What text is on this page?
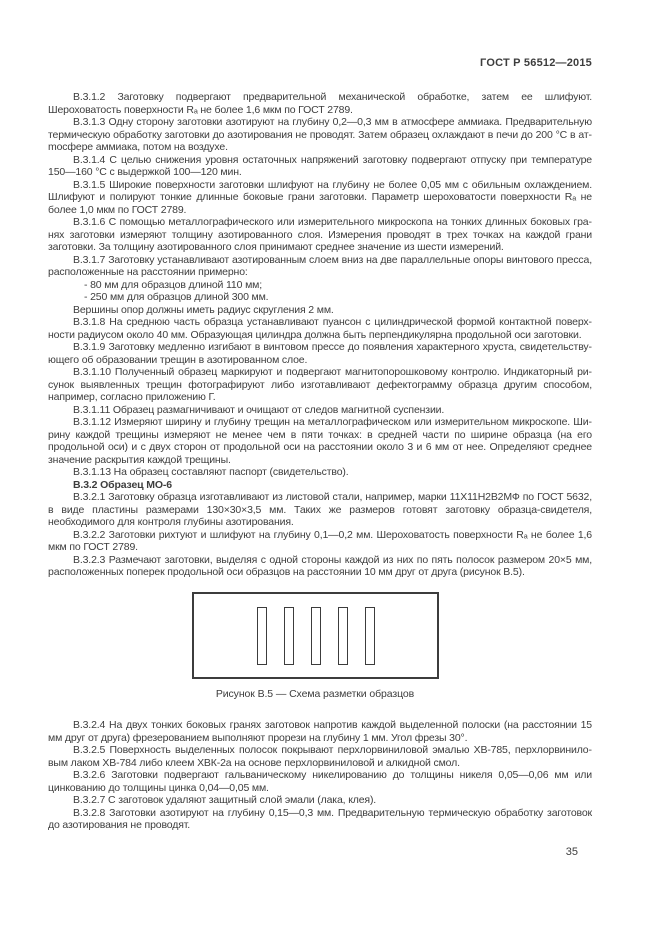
ГОСТ Р 56512—2015

В.3.1.2 Заготовку подвергают предварительной механической обработке, затем ее шлифуют. Шероховатость поверхности Rₐ не более 1,6 мкм по ГОСТ 2789.

В.3.1.3 Одну сторону заготовки азотируют на глубину 0,2—0,3 мм в атмосфере аммиака. Предварительную термическую обработку заготовки до азотирования не проводят. Затем образец охлаждают в печи до 200 °С в атmосфере аммиака, потом на воздухе.

В.3.1.4 С целью снижения уровня остаточных напряжений заготовку подвергают отпуску при температуре 150—160 °С с выдержкой 100—120 мин.

В.3.1.5 Широкие поверхности заготовки шлифуют на глубину не более 0,05 мм с обильным охлаждением. Шлифуют и полируют тонкие длинные боковые грани заготовки. Параметр шероховатости поверхности Rₐ не более 1,0 мкм по ГОСТ 2789.

В.3.1.6 С помощью металлографического или измерительного микроскопа на тонких длинных боковых гранях заготовки измеряют толщину азотированного слоя. Измерения проводят в трех точках на каждой грани заготовки. За толщину азотированного слоя принимают среднее значение из шести измерений.

В.3.1.7 Заготовку устанавливают азотированным слоем вниз на две параллельные опоры винтового пресса, расположенные на расстоянии примерно:

- 80 мм для образцов длиной 110 мм;

- 250 мм для образцов длиной 300 мм.

Вершины опор должны иметь радиус скругления 2 мм.

В.3.1.8 На среднюю часть образца устанавливают пуансон с цилиндрической формой контактной поверхности радиусом около 40 мм. Образующая цилиндра должна быть перпендикулярна продольной оси заготовки.

В.3.1.9 Заготовку медленно изгибают в винтовом прессе до появления характерного хруста, свидетельствующего об образовании трещин в азотированном слое.

В.3.1.10 Полученный образец маркируют и подвергают магнитопорошковому контролю. Индикаторный рисунок выявленных трещин фотографируют либо изготавливают дефектограмму образца другим способом, например, согласно приложению Г.

В.3.1.11 Образец размагничивают и очищают от следов магнитной суспензии.

В.3.1.12 Измеряют ширину и глубину трещин на металлографическом или измерительном микроскопе. Ширину каждой трещины измеряют не менее чем в пяти точках: в средней части по ширине образца (на его продольной оси) и с двух сторон от продольной оси на расстоянии около 3 и 6 мм от нее. Определяют среднее значение раскрытия каждой трещины.

В.3.1.13 На образец составляют паспорт (свидетельство).

В.3.2 Образец МО-6

В.3.2.1 Заготовку образца изготавливают из листовой стали, например, марки 11Х11Н2В2МФ по ГОСТ 5632, в виде пластины размерами 130×30×3,5 мм. Таких же размеров готовят заготовку образца-свидетеля, необходимого для контроля глубины азотирования.

В.3.2.2 Заготовки рихтуют и шлифуют на глубину 0,1—0,2 мм. Шероховатость поверхности Rₐ не более 1,6 мкм по ГОСТ 2789.

В.3.2.3 Размечают заготовки, выделяя с одной стороны каждой из них по пять полосок размером 20×5 мм, расположенных поперек продольной оси образцов на расстоянии 10 мм друг от друга (рисунок В.5).

Рисунок В.5 — Схема разметки образцов

В.3.2.4 На двух тонких боковых гранях заготовок напротив каждой выделенной полоски (на расстоянии 15 мм друг от друга) фрезерованием выполняют прорези на глубину 1 мм. Угол фрезы 30°.

В.3.2.5 Поверхность выделенных полосок покрывают перхлорвиниловой эмалью ХВ-785, перхлорвиниловым лаком ХВ-784 либо клеем ХВК-2а на основе перхлорвиниловой и алкидной смол.

В.3.2.6 Заготовки подвергают гальваническому никелированию до толщины никеля 0,05—0,06 мм или цинкованию до толщины цинка 0,04—0,05 мм.

В.3.2.7 С заготовок удаляют защитный слой эмали (лака, клея).

В.3.2.8 Заготовки азотируют на глубину 0,15—0,3 мм. Предварительную термическую обработку заготовок до азотирования не проводят.

35
